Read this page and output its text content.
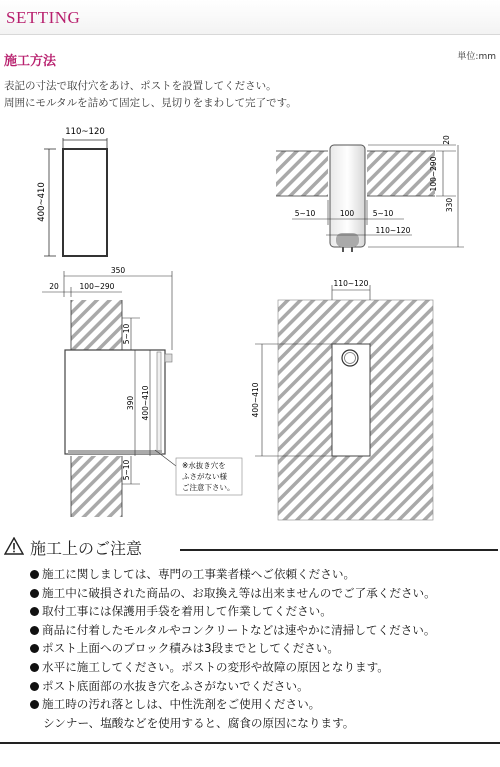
SETTING
施工方法	単位:mm
表記の寸法で取付穴をあけ、ポストを設置してください。
周囲にモルタルを詰めて固定し、見切りをまわして完了です。
110~120
400~410
20
100~290
330
5~10	100 5~10
110~120
350
20	100~290
5~10
390 400~410
5~10	※水抜き穴を
ふさがない様
ご注意下さい。
110~120
400~410
施工上のご注意
施工に関しましては、専門の工事業者様へご依頼ください。
施工中に破損された商品の、お取換え等は出来ませんのでご了承ください。
取付工事には保護用手袋を着用して作業してください。
商品に付着したモルタルやコンクリートなどは速やかに清掃してください。
ポスト上面へのブロック積みは3段までとしてください。
水平に施工してください。ポストの変形や故障の原因となります。
ポスト底面部の水抜き穴をふさがないでください。
施工時の汚れ落としは、中性洗剤をご使用ください。
シンナー、塩酸などを使用すると、腐食の原因になります。
